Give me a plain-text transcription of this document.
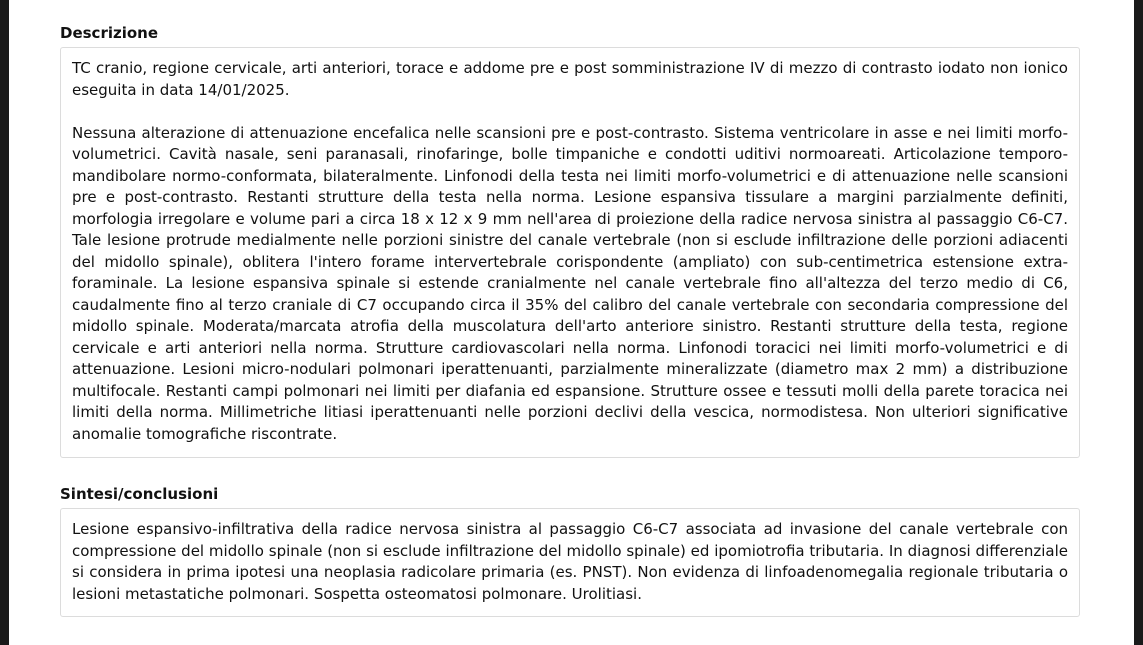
Descrizione

TC cranio, regione cervicale, arti anteriori, torace e addome pre e post somministrazione IV di mezzo di contrasto iodato non ionico eseguita in data 14/01/2025.

Nessuna alterazione di attenuazione encefalica nelle scansioni pre e post-contrasto. Sistema ventricolare in asse e nei limiti morfo-volumetrici. Cavità nasale, seni paranasali, rinofaringe, bolle timpaniche e condotti uditivi normoareati. Articolazione temporo-mandibolare normo-conformata, bilateralmente. Linfonodi della testa nei limiti morfo-volumetrici e di attenuazione nelle scansioni pre e post-contrasto. Restanti strutture della testa nella norma. Lesione espansiva tissulare a margini parzialmente definiti, morfologia irregolare e volume pari a circa 18 x 12 x 9 mm nell'area di proiezione della radice nervosa sinistra al passaggio C6-C7. Tale lesione protrude medialmente nelle porzioni sinistre del canale vertebrale (non si esclude infiltrazione delle porzioni adiacenti del midollo spinale), oblitera l'intero forame intervertebrale corispondente (ampliato) con sub-centimetrica estensione extra-foraminale. La lesione espansiva spinale si estende cranialmente nel canale vertebrale fino all'altezza del terzo medio di C6, caudalmente fino al terzo craniale di C7 occupando circa il 35% del calibro del canale vertebrale con secondaria compressione del midollo spinale. Moderata/marcata atrofia della muscolatura dell'arto anteriore sinistro. Restanti strutture della testa, regione cervicale e arti anteriori nella norma. Strutture cardiovascolari nella norma. Linfonodi toracici nei limiti morfo-volumetrici e di attenuazione. Lesioni micro-nodulari polmonari iperattenuanti, parzialmente mineralizzate (diametro max 2 mm) a distribuzione multifocale. Restanti campi polmonari nei limiti per diafania ed espansione. Strutture ossee e tessuti molli della parete toracica nei limiti della norma. Millimetriche litiasi iperattenuanti nelle porzioni declivi della vescica, normodistesa. Non ulteriori significative anomalie tomografiche riscontrate.

Sintesi/conclusioni

Lesione espansivo-infiltrativa della radice nervosa sinistra al passaggio C6-C7 associata ad invasione del canale vertebrale con compressione del midollo spinale (non si esclude infiltrazione del midollo spinale) ed ipomiotrofia tributaria. In diagnosi differenziale si considera in prima ipotesi una neoplasia radicolare primaria (es. PNST). Non evidenza di linfoadenomegalia regionale tributaria o lesioni metastatiche polmonari. Sospetta osteomatosi polmonare. Urolitiasi.
